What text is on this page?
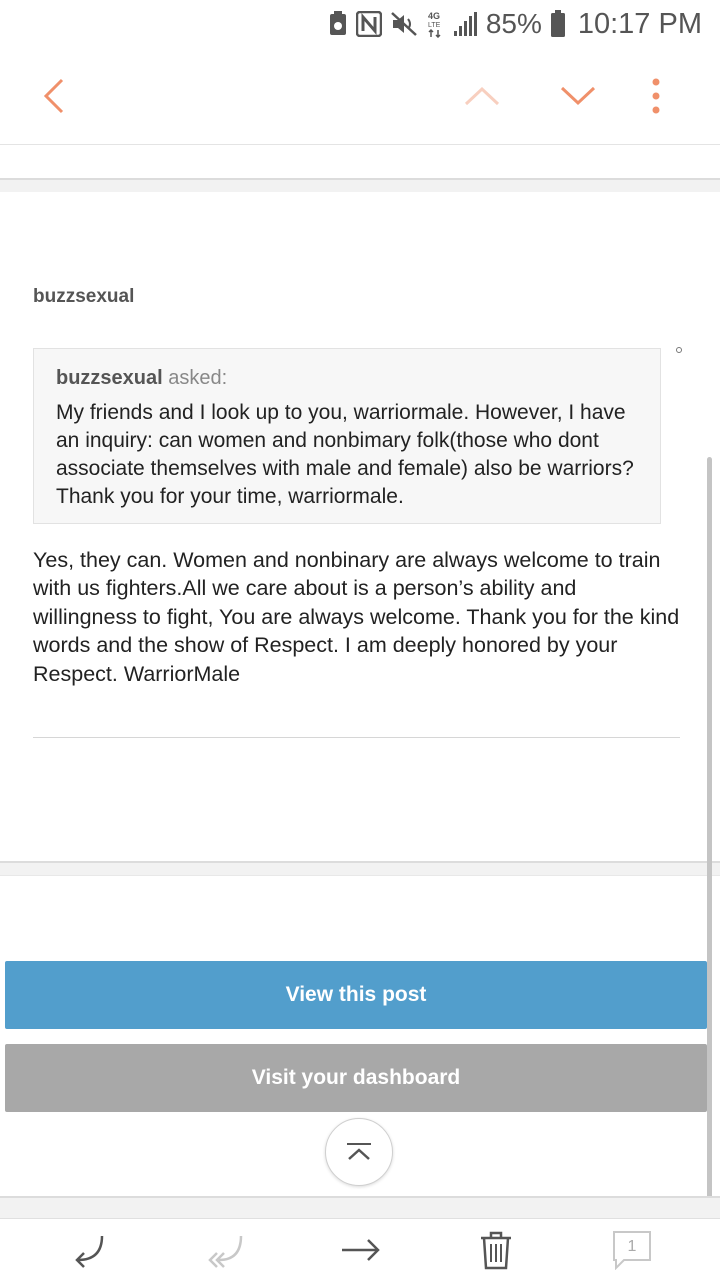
4G
LTE 85% 10:17 PM
buzzsexual
buzzsexual asked:
My friends and I look up to you, warriormale. However, I have an inquiry: can women and nonbimary folk(those who dont associate themselves with male and female) also be warriors? Thank you for your time, warriormale.
Yes, they can. Women and nonbinary are always welcome to train with us fighters.All we care about is a person’s ability and willingness to fight, You are always welcome. Thank you for the kind words and the show of Respect. I am deeply honored by your Respect. WarriorMale
View this post
Visit your dashboard
1
